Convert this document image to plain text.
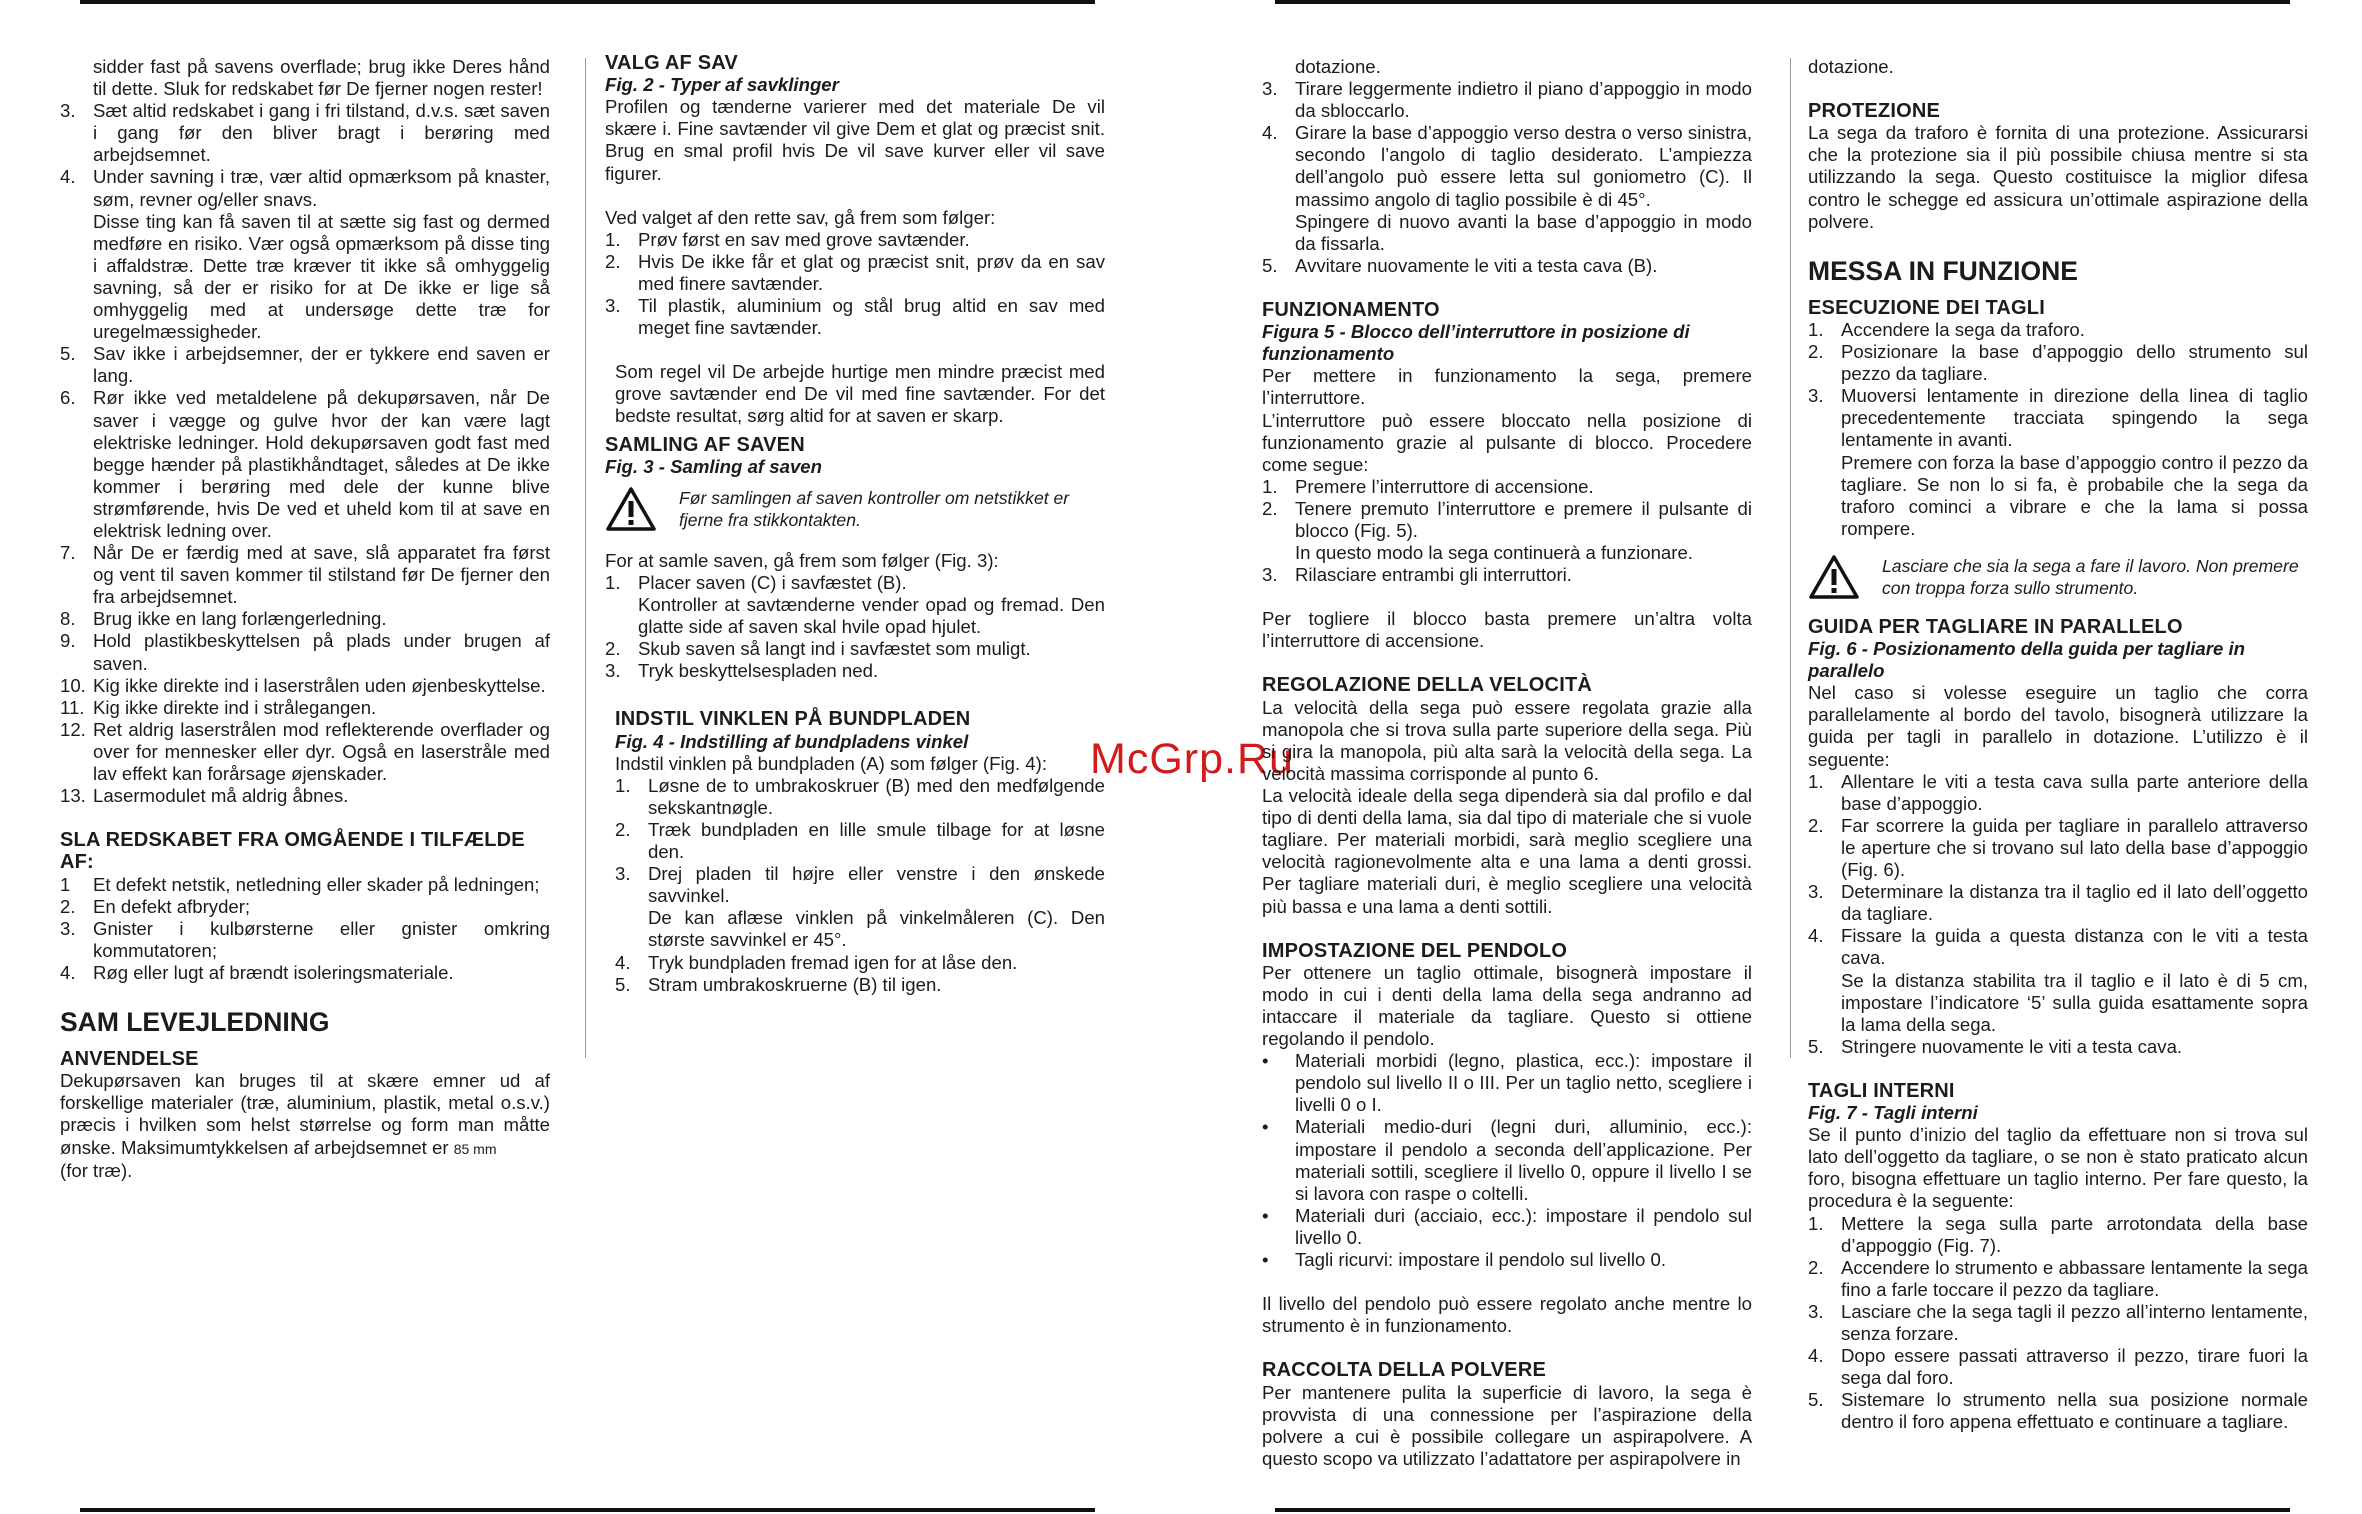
McGrp.Ru

sidder fast på savens overflade; brug ikke Deres hånd til dette. Sluk for redskabet før De fjerner nogen rester!

3. Sæt altid redskabet i gang i fri tilstand, d.v.s. sæt saven i gang før den bliver bragt i berøring med arbejdsemnet.
4. Under savning i træ, vær altid opmærksom på knaster, søm, revner og/eller snavs.
Disse ting kan få saven til at sætte sig fast og dermed medføre en risiko. Vær også opmærksom på disse ting i affaldstræ. Dette træ kræver tit ikke så omhyggelig savning, så der er risiko for at De ikke er lige så omhyggelig med at undersøge dette træ for uregelmæssigheder.
5. Sav ikke i arbejdsemner, der er tykkere end saven er lang.
6. Rør ikke ved metaldelene på dekupørsaven, når De saver i vægge og gulve hvor der kan være lagt elektriske ledninger. Hold dekupørsaven godt fast med begge hænder på plastikhåndtaget, således at De ikke kommer i berøring med dele der kunne blive strømførende, hvis De ved et uheld kom til at save en elektrisk ledning over.
7. Når De er færdig med at save, slå apparatet fra først og vent til saven kommer til stilstand før De fjerner den fra arbejdsemnet.
8. Brug ikke en lang forlængerledning.
9. Hold plastikbeskyttelsen på plads under brugen af saven.
10. Kig ikke direkte ind i laserstrålen uden øjenbeskyttelse.
11. Kig ikke direkte ind i strålegangen.
12. Ret aldrig laserstrålen mod reflekterende overflader og over for mennesker eller dyr. Også en laserstråle med lav effekt kan forårsage øjenskader.
13. Lasermodulet må aldrig åbnes.

SLA REDSKABET FRA OMGÅENDE I TILFÆLDE AF:

1	Et defekt netstik, netledning eller skader på ledningen;
2. En defekt afbryder;
3. Gnister i kulbørsterne eller gnister omkring kommutatoren;
4. Røg eller lugt af brændt isoleringsmateriale.

SAM LEVEJLEDNING

ANVENDELSE

Dekupørsaven kan bruges til at skære emner ud af forskellige materialer (træ, aluminium, plastik, metal o.s.v.) præcis i hvilken som helst størrelse og form man måtte ønske. Maksimumtykkelsen af arbejdsemnet er 85 mm
(for træ).

VALG AF SAV

Fig. 2 - Typer af savklinger

Profilen og tænderne varierer med det materiale De vil skære i. Fine savtænder vil give Dem et glat og præcist snit. Brug en smal profil hvis De vil save kurver eller vil save figurer.

Ved valget af den rette sav, gå frem som følger:

1. Prøv først en sav med grove savtænder.
2. Hvis De ikke får et glat og præcist snit, prøv da en sav med finere savtænder.
3. Til plastik, aluminium og stål brug altid en sav med meget fine savtænder.

Som regel vil De arbejde hurtige men mindre præcist med grove savtænder end De vil med fine savtænder. For det bedste resultat, sørg altid for at saven er skarp.

SAMLING AF SAVEN

Fig. 3 - Samling af saven

Før samlingen af saven kontroller om netstikket er fjerne fra stikkontakten.

For at samle saven, gå frem som følger (Fig. 3):

1. Placer saven (C) i savfæstet (B).
Kontroller at savtænderne vender opad og fremad. Den glatte side af saven skal hvile opad hjulet.
2. Skub saven så langt ind i savfæstet som muligt.
3. Tryk beskyttelsespladen ned.

INDSTIL VINKLEN PÅ BUNDPLADEN

Fig. 4 - Indstilling af bundpladens vinkel

Indstil vinklen på bundpladen (A) som følger (Fig. 4):

1. Løsne de to umbrakoskruer (B) med den medfølgende sekskantnøgle.
2. Træk bundpladen en lille smule tilbage for at løsne den.
3. Drej pladen til højre eller venstre i den ønskede savvinkel.
De kan aflæse vinklen på vinkelmåleren (C). Den største savvinkel er 45°.
4. Tryk bundpladen fremad igen for at låse den.
5. Stram umbrakoskruerne (B) til igen.

dotazione.

3. Tirare leggermente indietro il piano d’appoggio in modo da sbloccarlo.
4. Girare la base d’appoggio verso destra o verso sinistra, secondo l’angolo di taglio desiderato. L’ampiezza dell’angolo può essere letta sul goniometro (C). Il massimo angolo di taglio possibile è di 45°.
Spingere di nuovo avanti la base d’appoggio in modo da fissarla.
5. Avvitare nuovamente le viti a testa cava (B).

FUNZIONAMENTO

Figura 5 - Blocco dell’interruttore in posizione di funzionamento

Per mettere in funzionamento la sega, premere l’interruttore.

L’interruttore può essere bloccato nella posizione di funzionamento grazie al pulsante di blocco. Procedere come segue:

1. Premere l’interruttore di accensione.
2. Tenere premuto l’interruttore e premere il pulsante di blocco (Fig. 5).
In questo modo la sega continuerà a funzionare.
3. Rilasciare entrambi gli interruttori.

Per togliere il blocco basta premere un’altra volta l’interruttore di accensione.

REGOLAZIONE DELLA VELOCITÀ

La velocità della sega può essere regolata grazie alla manopola che si trova sulla parte superiore della sega. Più si gira la manopola, più alta sarà la velocità della sega. La velocità massima corrisponde al punto 6.

La velocità ideale della sega dipenderà sia dal profilo e dal tipo di denti della lama, sia dal tipo di materiale che si vuole tagliare. Per materiali morbidi, sarà meglio scegliere una velocità ragionevolmente alta e una lama a denti grossi. Per tagliare materiali duri, è meglio scegliere una velocità più bassa e una lama a denti sottili.

IMPOSTAZIONE DEL PENDOLO

Per ottenere un taglio ottimale, bisognerà impostare il modo in cui i denti della lama della sega andranno ad intaccare il materiale da tagliare. Questo si ottiene regolando il pendolo.

•	Materiali morbidi (legno, plastica, ecc.): impostare il pendolo sul livello II o III. Per un taglio netto, scegliere i livelli 0 o I.
•	Materiali medio-duri (legni duri, alluminio, ecc.): impostare il pendolo a seconda dell’applicazione. Per materiali sottili, scegliere il livello 0, oppure il livello I se si lavora con raspe o coltelli.
•	Materiali duri (acciaio, ecc.): impostare il pendolo sul livello 0.
•	Tagli ricurvi: impostare il pendolo sul livello 0.

Il livello del pendolo può essere regolato anche mentre lo strumento è in funzionamento.

RACCOLTA DELLA POLVERE

Per mantenere pulita la superficie di lavoro, la sega è provvista di una connessione per l’aspirazione della polvere a cui è possibile collegare un aspirapolvere. A questo scopo va utilizzato l’adattatore per aspirapolvere in

dotazione.

PROTEZIONE

La sega da traforo è fornita di una protezione. Assicurarsi che la protezione sia il più possibile chiusa mentre si sta utilizzando la sega. Questo costituisce la miglior difesa contro le schegge ed assicura un’ottimale aspirazione della polvere.

MESSA IN FUNZIONE

ESECUZIONE DEI TAGLI

1. Accendere la sega da traforo.
2. Posizionare la base d’appoggio dello strumento sul pezzo da tagliare.
3. Muoversi lentamente in direzione della linea di taglio precedentemente tracciata spingendo la sega lentamente in avanti.
Premere con forza la base d’appoggio contro il pezzo da tagliare. Se non lo si fa, è probabile che la sega da traforo cominci a vibrare e che la lama si possa rompere.
Lasciare che sia la sega a fare il lavoro. Non premere con troppa forza sullo strumento.

GUIDA PER TAGLIARE IN PARALLELO

Fig. 6 - Posizionamento della guida per tagliare in parallelo

Nel caso si volesse eseguire un taglio che corra parallelamente al bordo del tavolo, bisognerà utilizzare la guida per tagli in parallelo in dotazione. L’utilizzo è il seguente:

1. Allentare le viti a testa cava sulla parte anteriore della base d’appoggio.
2. Far scorrere la guida per tagliare in parallelo attraverso le aperture che si trovano sul lato della base d’appoggio (Fig. 6).
3. Determinare la distanza tra il taglio ed il lato dell’oggetto da tagliare.
4. Fissare la guida a questa distanza con le viti a testa cava.
Se la distanza stabilita tra il taglio e il lato è di 5 cm, impostare l’indicatore ‘5’ sulla guida esattamente sopra la lama della sega.
5. Stringere nuovamente le viti a testa cava.

TAGLI INTERNI

Fig. 7 - Tagli interni

Se il punto d’inizio del taglio da effettuare non si trova sul lato dell’oggetto da tagliare, o se non è stato praticato alcun foro, bisogna effettuare un taglio interno. Per fare questo, la procedura è la seguente:

1. Mettere la sega sulla parte arrotondata della base d’appoggio (Fig. 7).
2. Accendere lo strumento e abbassare lentamente la sega fino a farle toccare il pezzo da tagliare.
3. Lasciare che la sega tagli il pezzo all’interno lentamente, senza forzare.
4. Dopo essere passati attraverso il pezzo, tirare fuori la sega dal foro.
5. Sistemare lo strumento nella sua posizione normale dentro il foro appena effettuato e continuare a tagliare.
